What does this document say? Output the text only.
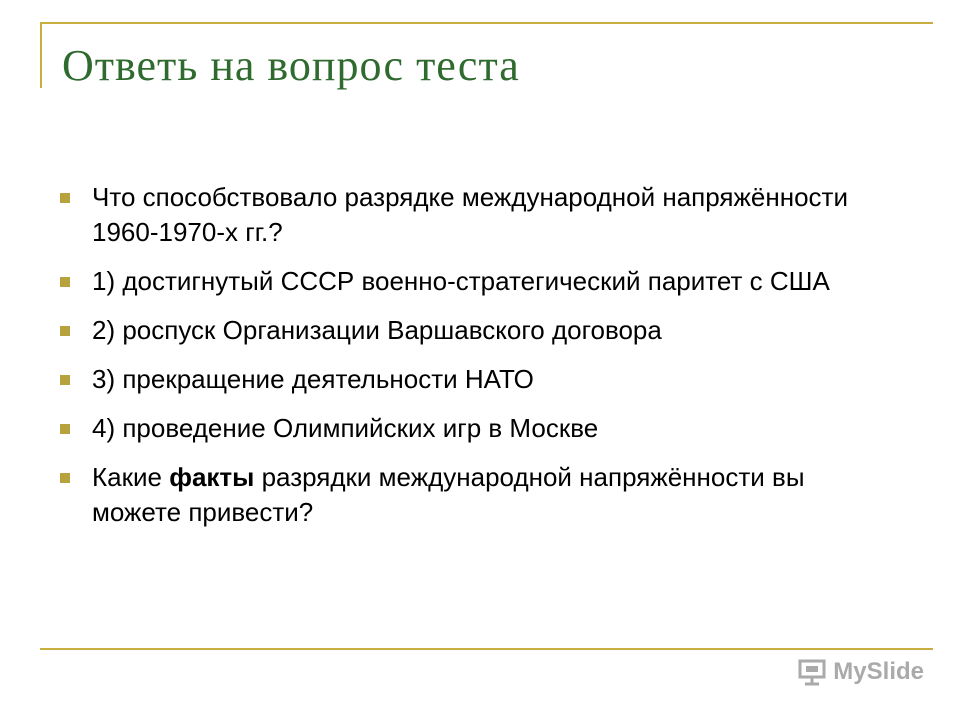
Ответь на вопрос теста
Что способствовало разрядке международной напряжённости 1960-1970-х гг.?
1) достигнутый СССР военно-стратегический паритет с США
2) роспуск Организации Варшавского договора
3) прекращение деятельности НАТО
4) проведение Олимпийских игр в Москве
Какие факты разрядки международной напряжённости вы можете привести?
MySlide
